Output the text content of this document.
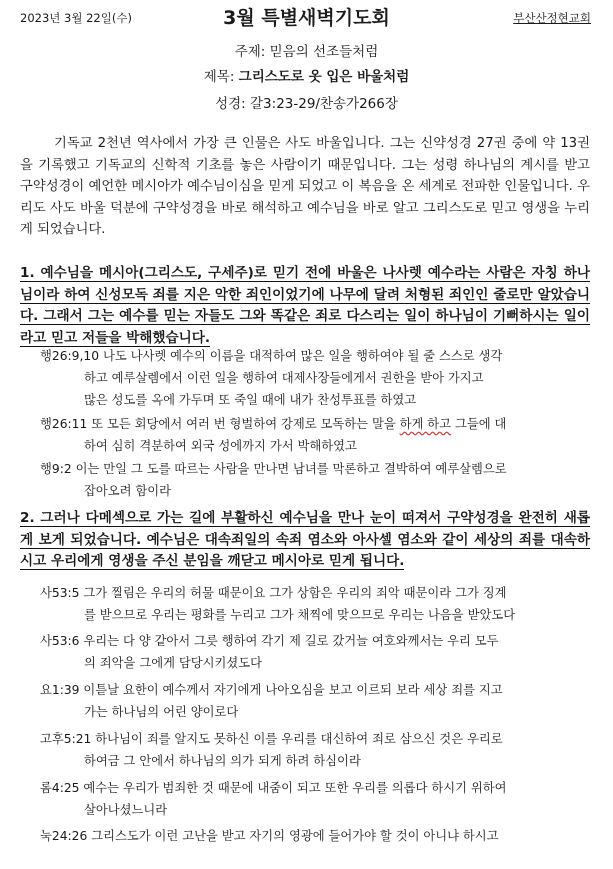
2023년 3월 22일(수)	3월 특별새벽기도회	부산산정현교회
주제: 믿음의 선조들처럼
제목: 그리스도로 옷 입은 바울처럼
성경: 갈3:23-29/찬송가266장
기독교 2천년 역사에서 가장 큰 인물은 사도 바울입니다. 그는 신약성경 27권 중에 약 13권을 기록했고 기독교의 신학적 기초를 놓은 사람이기 때문입니다. 그는 성령 하나님의 계시를 받고 구약성경이 예언한 메시아가 예수님이심을 믿게 되었고 이 복음을 온 세계로 전파한 인물입니다. 우리도 사도 바울 덕분에 구약성경을 바로 해석하고 예수님을 바로 알고 그리스도로 믿고 영생을 누리게 되었습니다.
1. 예수님을 메시아(그리스도, 구세주)로 믿기 전에 바울은 나사렛 예수라는 사람은 자칭 하나님이라 하여 신성모독 죄를 지은 악한 죄인이었기에 나무에 달려 처형된 죄인인 줄로만 알았습니다. 그래서 그는 예수를 믿는 자들도 그와 똑같은 죄로 다스리는 일이 하나님이 기뻐하시는 일이라고 믿고 저들을 박해했습니다.
행26:9,10 나도 나사렛 예수의 이름을 대적하여 많은 일을 행하여야 될 줄 스스로 생각
하고 예루살렘에서 이런 일을 행하여 대제사장들에게서 권한을 받아 가지고
많은 성도를 옥에 가두며 또 죽일 때에 내가 찬성투표를 하였고
행26:11 또 모든 회당에서 여러 번 형벌하여 강제로 모독하는 말을 하게 하고 그들에 대
하여 심히 격분하여 외국 성에까지 가서 박해하였고
행9:2 이는 만일 그 도를 따르는 사람을 만나면 남녀를 막론하고 결박하여 예루살렘으로
잡아오려 함이라
2. 그러나 다메섹으로 가는 길에 부활하신 예수님을 만나 눈이 떠져서 구약성경을 완전히 새롭게 보게 되었습니다. 예수님은 대속죄일의 속죄 염소와 아사셀 염소와 같이 세상의 죄를 대속하시고 우리에게 영생을 주신 분임을 깨닫고 메시아로 믿게 됩니다.
사53:5 그가 찔림은 우리의 허물 때문이요 그가 상함은 우리의 죄악 때문이라 그가 징계
를 받으므로 우리는 평화를 누리고 그가 채찍에 맞으므로 우리는 나음을 받았도다
사53:6 우리는 다 양 같아서 그릇 행하여 각기 제 길로 갔거늘 여호와께서는 우리 모두
의 죄악을 그에게 담당시키셨도다
요1:39 이튿날 요한이 예수께서 자기에게 나아오심을 보고 이르되 보라 세상 죄를 지고
가는 하나님의 어린 양이로다
고후5:21 하나님이 죄를 알지도 못하신 이를 우리를 대신하여 죄로 삼으신 것은 우리로
하여금 그 안에서 하나님의 의가 되게 하려 하심이라
롬4:25 예수는 우리가 범죄한 것 때문에 내줌이 되고 또한 우리를 의롭다 하시기 위하여
살아나셨느니라
눅24:26 그리스도가 이런 고난을 받고 자기의 영광에 들어가야 할 것이 아니냐 하시고
